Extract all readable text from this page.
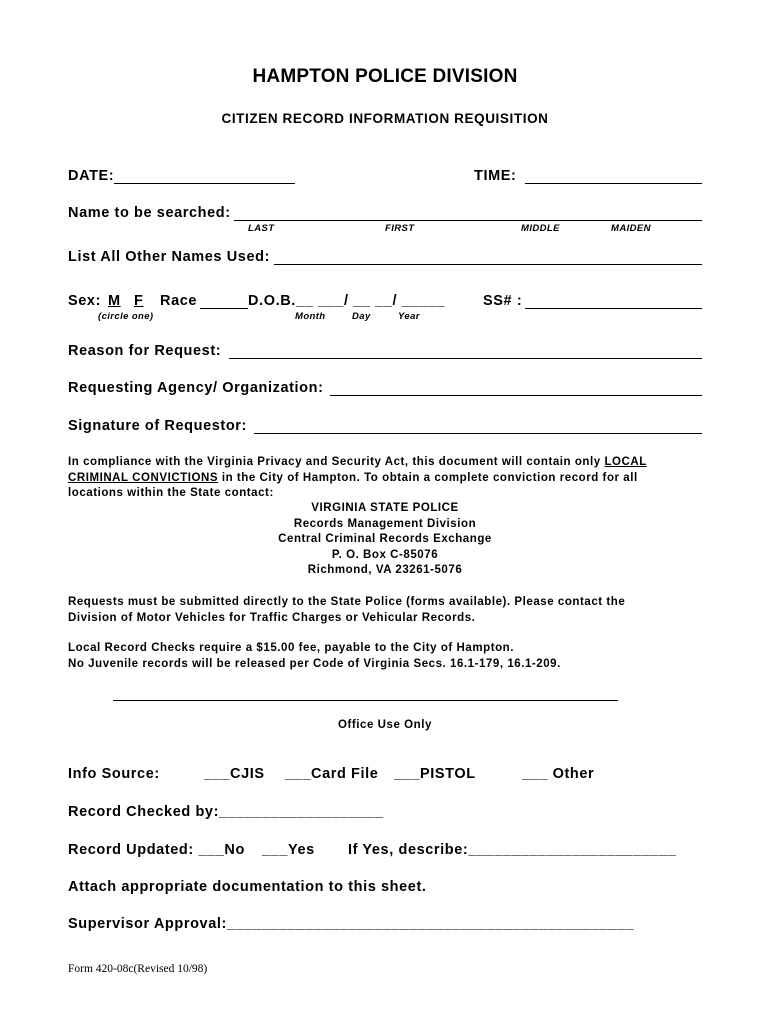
HAMPTON POLICE DIVISION
CITIZEN RECORD INFORMATION REQUISITION
DATE:	TIME:
Name to be searched:
LAST	FIRST	MIDDLE	MAIDEN
List All Other Names Used:
Sex: M F Race	D.O.B. __ ___/ __ __/ _____	SS# :
(circle one)	Month	Day	Year
Reason for Request:
Requesting Agency/ Organization:
Signature of Requestor:
In compliance with the Virginia Privacy and Security Act, this document will contain only LOCAL
CRIMINAL CONVICTIONS in the City of Hampton. To obtain a complete conviction record for all
locations within the State contact:
VIRGINIA STATE POLICE
Records Management Division
Central Criminal Records Exchange
P. O. Box C-85076
Richmond, VA 23261-5076
Requests must be submitted directly to the State Police (forms available). Please contact the
Division of Motor Vehicles for Traffic Charges or Vehicular Records.
Local Record Checks require a $15.00 fee, payable to the City of Hampton.
No Juvenile records will be released per Code of Virginia Secs. 16.1-179, 16.1-209.
Office Use Only
Info Source:	___CJIS ___Card File ___PISTOL	___ Other
Record Checked by:___________________
Record Updated: ___No ___Yes If Yes, describe:________________________
Attach appropriate documentation to this sheet.
Supervisor Approval:_______________________________________________
Form 420-08c(Revised 10/98)
